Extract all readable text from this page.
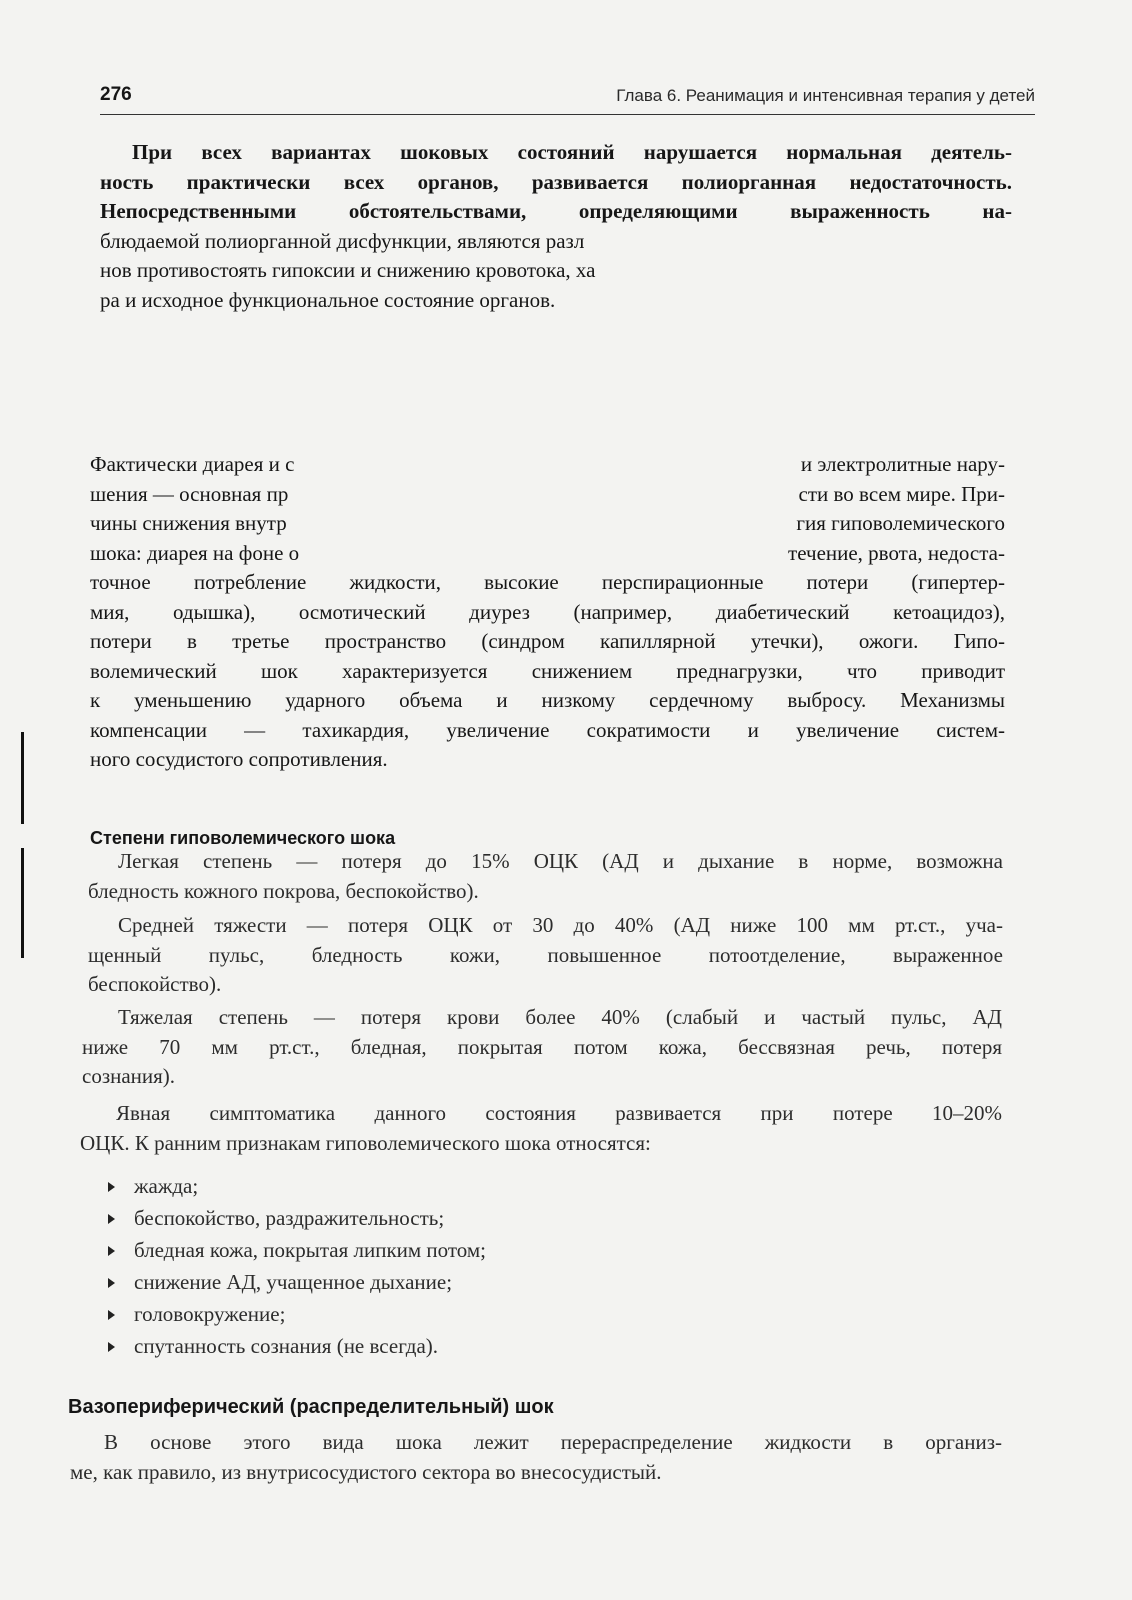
276	Глава 6. Реанимация и интенсивная терапия у детей
При всех вариантах шоковых состояний нарушается нормальная деятель-
ность практически всех органов, развивается полиорганная недостаточность.
Непосредственными обстоятельствами, определяющими выраженность на-
блюдаемой полиорганной дисфункции, являются разл
нов противостоять гипоксии и снижению кровотока, ха
ра и исходное функциональное состояние органов.
Фактически диарея и с	и электролитные нару-
шения — основная пр	сти во всем мире. При-
чины снижения внутр	гия гиповолемического
шока: диарея на фоне о	течение, рвота, недоста-
точное потребление жидкости, высокие перспирационные потери (гипертер-
мия, одышка), осмотический диурез (например, диабетический кетоацидоз),
потери в третье пространство (синдром капиллярной утечки), ожоги. Гипо-
волемический шок характеризуется снижением преднагрузки, что приводит
к уменьшению ударного объема и низкому сердечному выбросу. Механизмы
компенсации — тахикардия, увеличение сократимости и увеличение систем-
ного сосудистого сопротивления.
Степени гиповолемического шока
Легкая степень — потеря до 15% ОЦК (АД и дыхание в норме, возможна
бледность кожного покрова, беспокойство).
Средней тяжести — потеря ОЦК от 30 до 40% (АД ниже 100 мм рт.ст., уча-
щенный пульс, бледность кожи, повышенное потоотделение, выраженное
беспокойство).
Тяжелая степень — потеря крови более 40% (слабый и частый пульс, АД
ниже 70 мм рт.ст., бледная, покрытая потом кожа, бессвязная речь, потеря
сознания).
Явная симптоматика данного состояния развивается при потере 10–20%
ОЦК. К ранним признакам гиповолемического шока относятся:
жажда;
беспокойство, раздражительность;
бледная кожа, покрытая липким потом;
снижение АД, учащенное дыхание;
головокружение;
спутанность сознания (не всегда).
Вазопериферический (распределительный) шок
В основе этого вида шока лежит перераспределение жидкости в организ-
ме, как правило, из внутрисосудистого сектора во внесосудистый.
